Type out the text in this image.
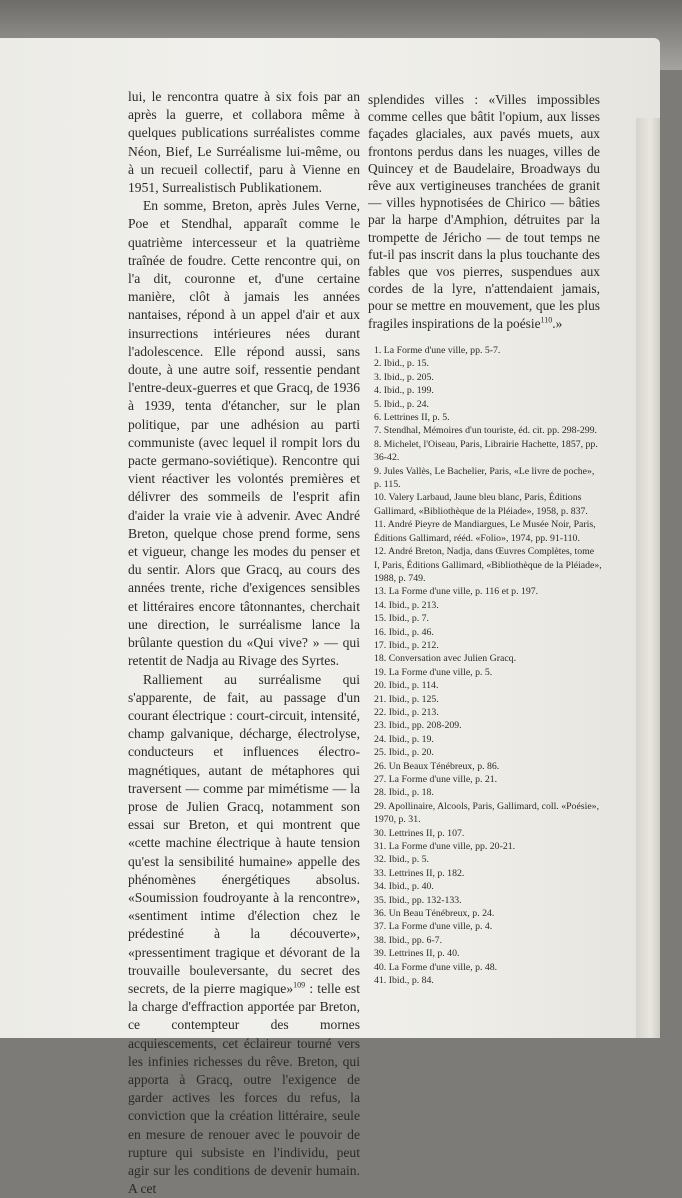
lui, le rencontra quatre à six fois par an après la guerre, et collabora même à quelques publications surréalistes comme Néon, Bief, Le Surréalisme lui-même, ou à un recueil collectif, paru à Vienne en 1951, Surrealistisch Publikationem.

En somme, Breton, après Jules Verne, Poe et Stendhal, apparaît comme le quatrième intercesseur et la quatrième traînée de foudre. Cette rencontre qui, on l'a dit, couronne et, d'une certaine manière, clôt à jamais les années nantaises, répond à un appel d'air et aux insurrections intérieures nées durant l'adolescence. Elle répond aussi, sans doute, à une autre soif, ressentie pendant l'entre-deux-guerres et que Gracq, de 1936 à 1939, tenta d'étancher, sur le plan politique, par une adhésion au parti communiste (avec lequel il rompit lors du pacte germano-soviétique). Rencontre qui vient réactiver les volontés premières et délivrer des sommeils de l'esprit afin d'aider la vraie vie à advenir. Avec André Breton, quelque chose prend forme, sens et vigueur, change les modes du penser et du sentir. Alors que Gracq, au cours des années trente, riche d'exigences sensibles et littéraires encore tâtonnantes, cherchait une direction, le surréalisme lance la brûlante question du «Qui vive? » — qui retentit de Nadja au Rivage des Syrtes.

Ralliement au surréalisme qui s'apparente, de fait, au passage d'un courant électrique : court-circuit, intensité, champ galvanique, décharge, électrolyse, conducteurs et influences électro-magnétiques, autant de métaphores qui traversent — comme par mimétisme — la prose de Julien Gracq, notamment son essai sur Breton, et qui montrent que «cette machine électrique à haute tension qu'est la sensibilité humaine» appelle des phénomènes énergétiques absolus. «Soumission foudroyante à la rencontre», «sentiment intime d'élection chez le prédestiné à la découverte», «pressentiment tragique et dévorant de la trouvaille bouleversante, du secret des secrets, de la pierre magique»$^{109}$ : telle est la charge d'effraction apportée par Breton, ce contempteur des mornes acquiescements, cet éclaireur tourné vers les infinies richesses du rêve. Breton, qui apporta à Gracq, outre l'exigence de garder actives les forces du refus, la conviction que la création littéraire, seule en mesure de renouer avec le pouvoir de rupture qui subsiste en l'individu, peut agir sur les conditions de devenir humain. A cet

splendides villes : «Villes impossibles comme celles que bâtit l'opium, aux lisses façades glaciales, aux pavés muets, aux frontons perdus dans les nuages, villes de Quincey et de Baudelaire, Broadways du rêve aux vertigineuses tranchées de granit — villes hypnotisées de Chirico — bâties par la harpe d'Amphion, détruites par la trompette de Jéricho — de tout temps ne fut-il pas inscrit dans la plus touchante des fables que vos pierres, suspendues aux cordes de la lyre, n'attendaient jamais, pour se mettre en mouvement, que les plus fragiles inspirations de la poésie$^{110}$.»

1. La Forme d'une ville, pp. 5-7.
2. Ibid., p. 15.
3. Ibid., p. 205.
4. Ibid., p. 199.
5. Ibid., p. 24.
6. Lettrines II, p. 5.
7. Stendhal, Mémoires d'un touriste, éd. cit. pp. 298-299.
8. Michelet, l'Oiseau, Paris, Librairie Hachette, 1857, pp. 36-42.
9. Jules Vallès, Le Bachelier, Paris, «Le livre de poche», p. 115.
10. Valery Larbaud, Jaune bleu blanc, Paris, Éditions Gallimard, «Bibliothèque de la Pléiade», 1958, p. 837.
11. André Pieyre de Mandiargues, Le Musée Noir, Paris, Éditions Gallimard, rééd. «Folio», 1974, pp. 91-110.
12. André Breton, Nadja, dans Œuvres Complètes, tome I, Paris, Éditions Gallimard, «Bibliothèque de la Pléiade», 1988, p. 749.
13. La Forme d'une ville, p. 116 et p. 197.
14. Ibid., p. 213.
15. Ibid., p. 7.
16. Ibid., p. 46.
17. Ibid., p. 212.
18. Conversation avec Julien Gracq.
19. La Forme d'une ville, p. 5.
20. Ibid., p. 114.
21. Ibid., p. 125.
22. Ibid., p. 213.
23. Ibid., pp. 208-209.
24. Ibid., p. 19.
25. Ibid., p. 20.
26. Un Beaux Ténébreux, p. 86.
27. La Forme d'une ville, p. 21.
28. Ibid., p. 18.
29. Apollinaire, Alcools, Paris, Gallimard, coll. «Poésie», 1970, p. 31.
30. Lettrines II, p. 107.
31. La Forme d'une ville, pp. 20-21.
32. Ibid., p. 5.
33. Lettrines II, p. 182.
34. Ibid., p. 40.
35. Ibid., pp. 132-133.
36. Un Beau Ténébreux, p. 24.
37. La Forme d'une ville, p. 4.
38. Ibid., pp. 6-7.
39. Lettrines II, p. 40.
40. La Forme d'une ville, p. 48.
41. Ibid., p. 84.
